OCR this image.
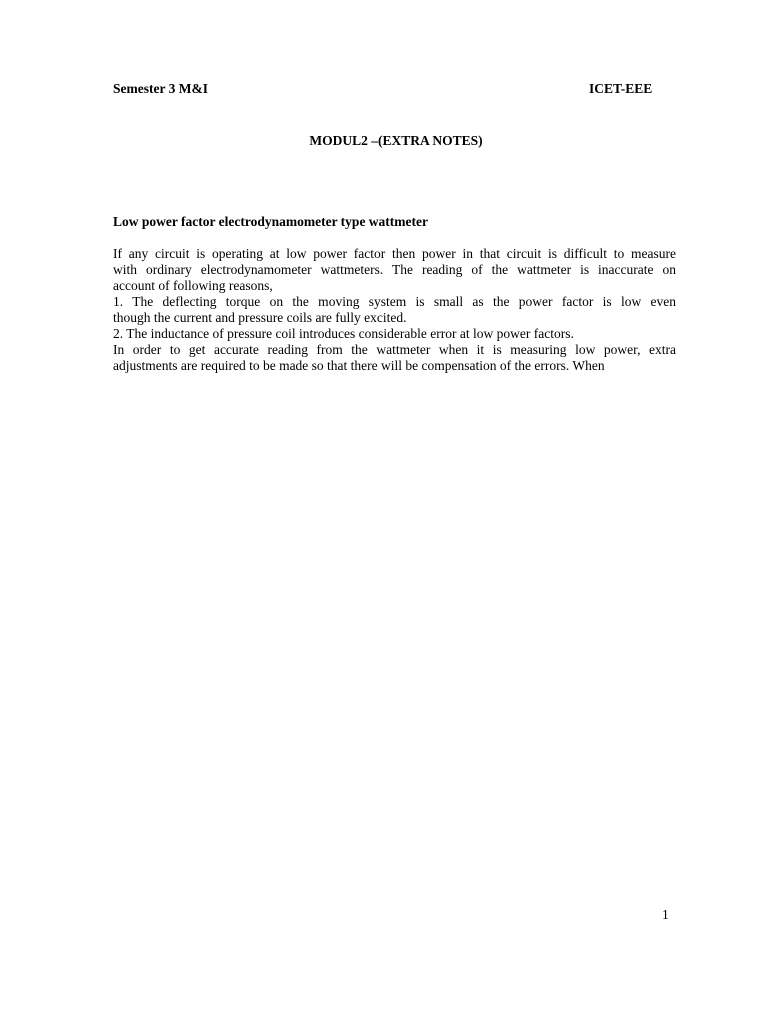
Semester 3 M&I	ICET-EEE
MODUL2 –(EXTRA NOTES)
Low power factor electrodynamometer type wattmeter
If any circuit is operating at low power factor then power in that circuit is difficult to measure
with ordinary electrodynamometer wattmeters. The reading of the wattmeter is inaccurate on
account of following reasons,
1. The deflecting torque on the moving system is small as the power factor is low even
though the current and pressure coils are fully excited.
2. The inductance of pressure coil introduces considerable error at low power factors.
In order to get accurate reading from the wattmeter when it is measuring low power, extra
adjustments are required to be made so that there will be compensation of the errors. When
1
